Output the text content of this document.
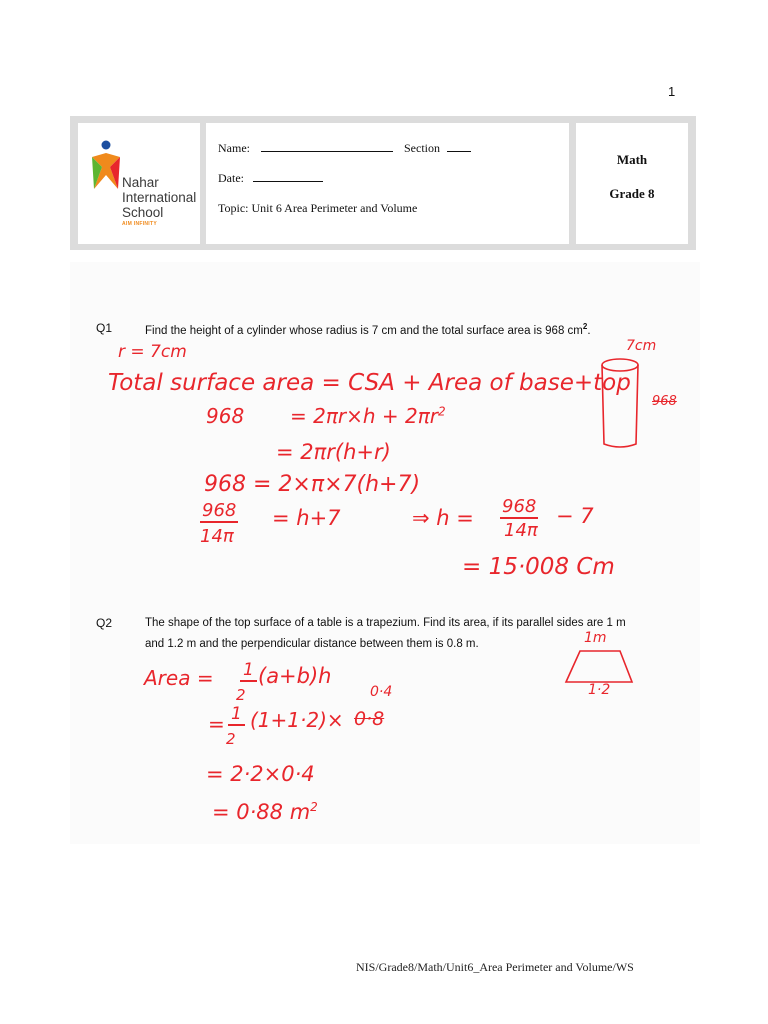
1
Nahar
International
School
AIM INFINITY
Name:	Section
Date:
Topic: Unit 6 Area Perimeter and Volume
Math
Grade 8
Q1	Find the height of a cylinder whose radius is 7 cm and the total surface area is 968 $cm^2$.
r = 7cm
Total surface area = CSA + Area of base+top
$968 = 2\pi r\times h + 2\pi r^2$
= 2πr(h+r)
968 = 2×π×7(h+7)
968
14π
= h+7	⇒ h = 968
14π
− 7
= 15·008 Cm
7cm
968
Q2	The shape of the top surface of a table is a trapezium. Find its area, if its parallel sides are 1 m
and 1.2 m and the perpendicular distance between them is 0.8 m.
Area = 1
2
(a+b)h
0·4
= 1
2
(1+1·2)× 0·8
= 2·2×0·4
= 0·88 $m^2$
1m
1·2
NIS/Grade8/Math/Unit6_Area Perimeter and Volume/WS
